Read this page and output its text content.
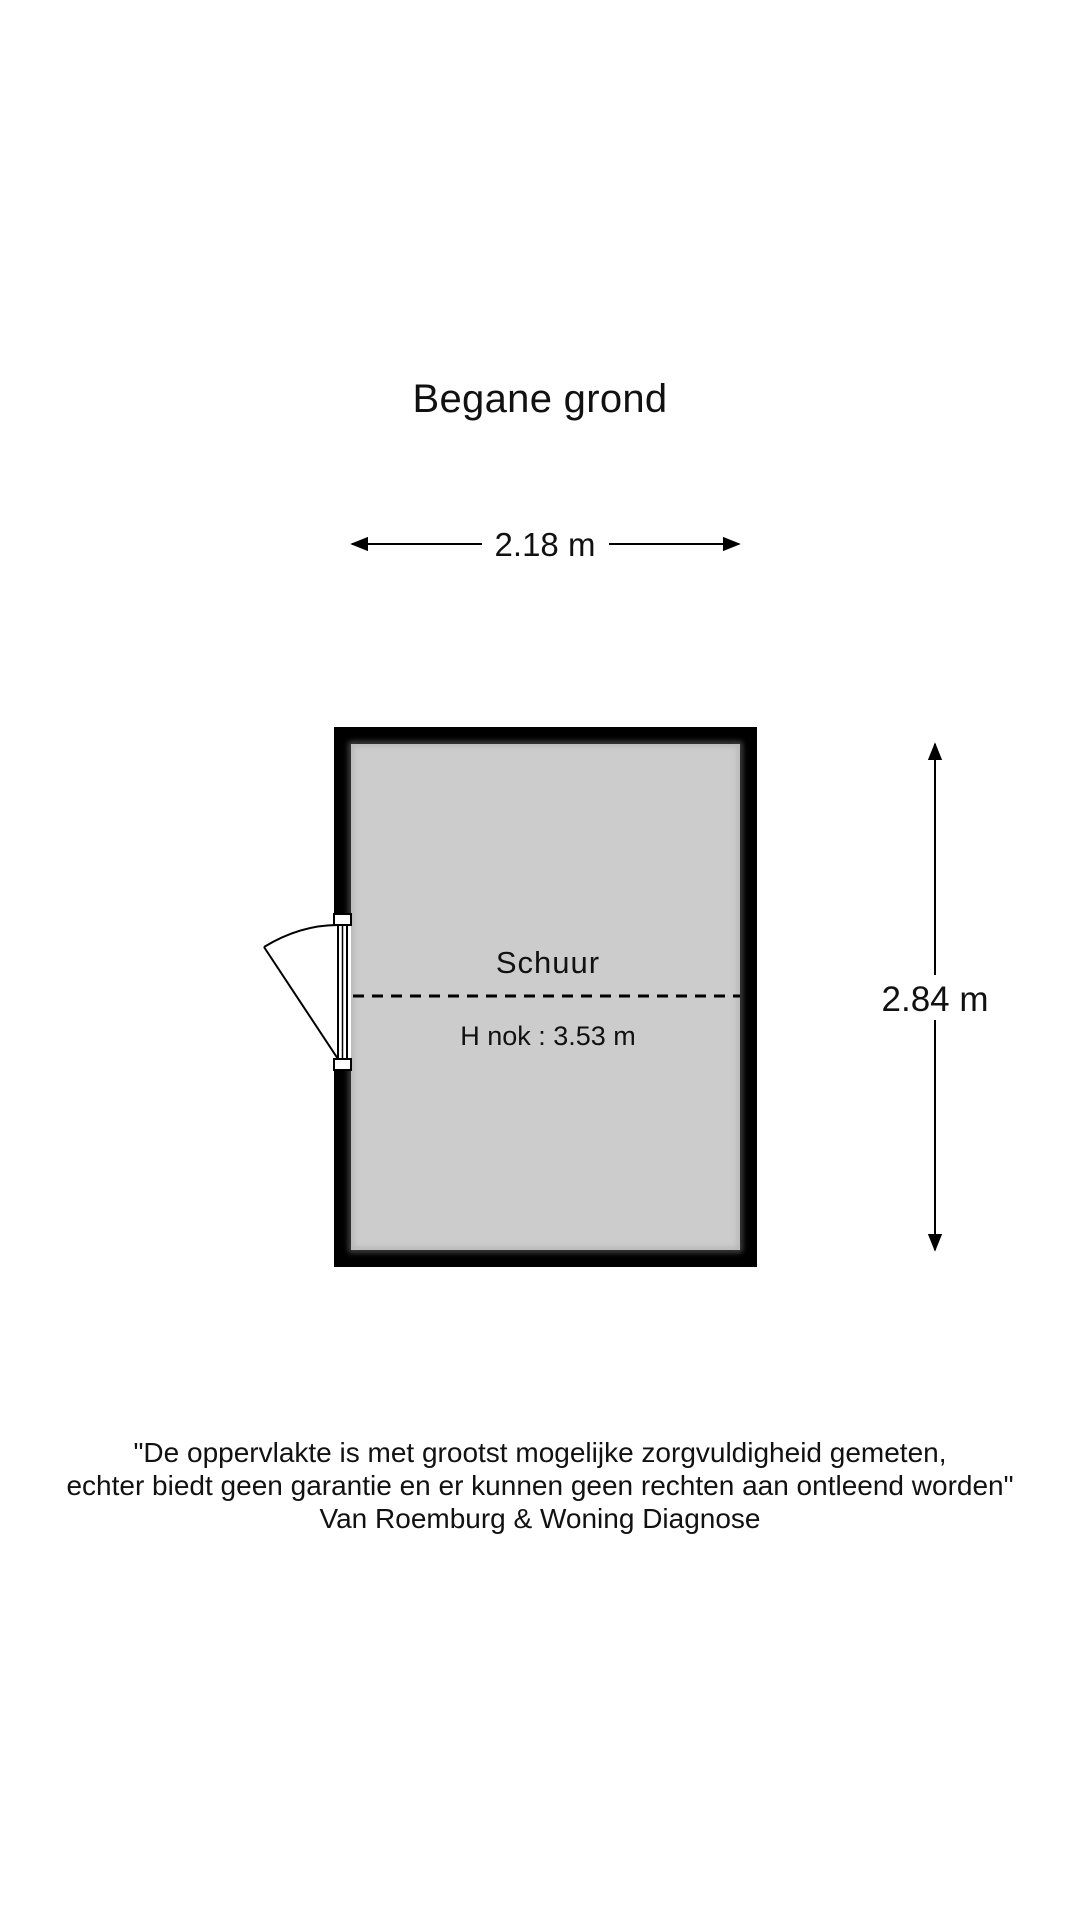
Begane grond
2.18 m
2.84 m
Schuur
H nok : 3.53 m
"De oppervlakte is met grootst mogelijke zorgvuldigheid gemeten,
echter biedt geen garantie en er kunnen geen rechten aan ontleend worden"
Van Roemburg & Woning Diagnose
